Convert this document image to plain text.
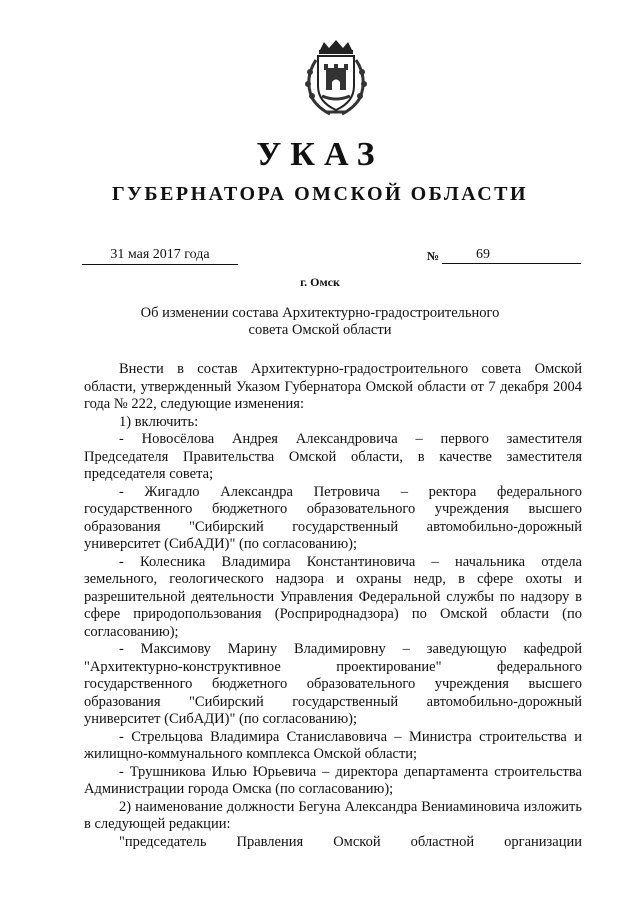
УКАЗ
ГУБЕРНАТОРА ОМСКОЙ ОБЛАСТИ
31 мая 2017 года	№	69
г. Омск
Об изменении состава Архитектурно-градостроительного
совета Омской области

Внести в состав Архитектурно-градостроительного совета Омской области, утвержденный Указом Губернатора Омской области от 7 декабря 2004 года № 222, следующие изменения:

1) включить:

- Новосёлова Андрея Александровича – первого заместителя Председателя Правительства Омской области, в качестве заместителя председателя совета;

- Жигадло Александра Петровича – ректора федерального государственного бюджетного образовательного учреждения высшего образования "Сибирский государственный автомобильно-дорожный университет (СибАДИ)" (по согласованию);

- Колесника Владимира Константиновича – начальника отдела земельного, геологического надзора и охраны недр, в сфере охоты и разрешительной деятельности Управления Федеральной службы по надзору в сфере природопользования (Росприроднадзора) по Омской области (по согласованию);

- Максимову Марину Владимировну – заведующую кафедрой "Архитектурно-конструктивное проектирование" федерального государственного бюджетного образовательного учреждения высшего образования "Сибирский государственный автомобильно-дорожный университет (СибАДИ)" (по согласованию);

- Стрельцова Владимира Станиславовича – Министра строительства и жилищно-коммунального комплекса Омской области;

- Трушникова Илью Юрьевича – директора департамента строительства Администрации города Омска (по согласованию);

2) наименование должности Бегуна Александра Вениаминовича изложить в следующей редакции:

"председатель Правления Омской областной организации
